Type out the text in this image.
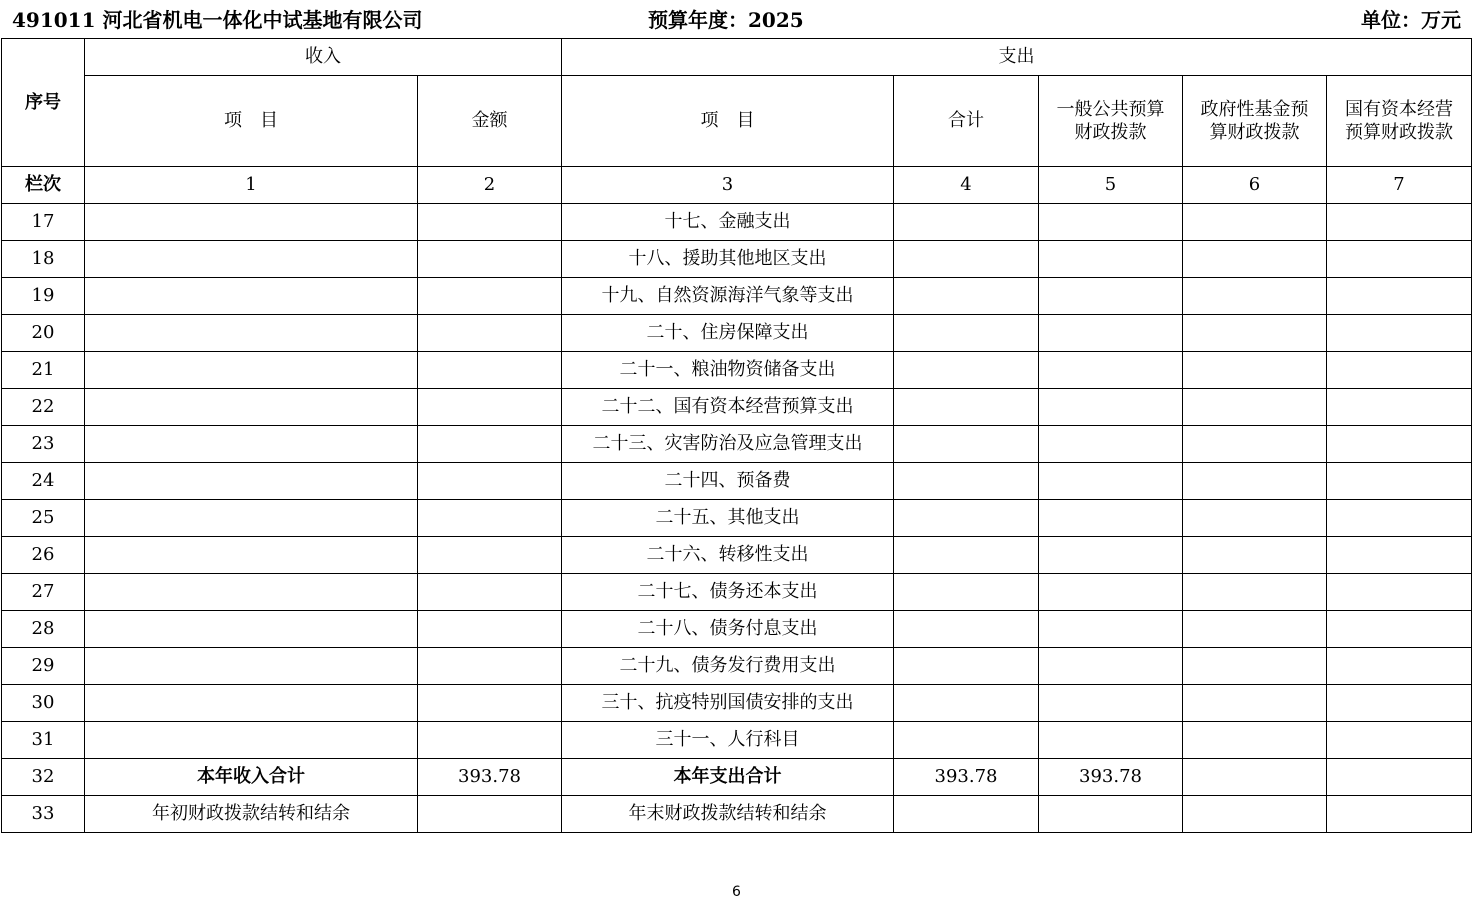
491011 河北省机电一体化中试基地有限公司	预算年度：2025	单位：万元
序号	收入		支出				
	项　目	金额	项　目	合计	一般公共预算财政拨款	政府性基金预算财政拨款	国有资本经营预算财政拨款
栏次	1	2	3	4	5	6	7
17			十七、金融支出				
18			十八、援助其他地区支出				
19			十九、自然资源海洋气象等支出				
20			二十、住房保障支出				
21			二十一、粮油物资储备支出				
22			二十二、国有资本经营预算支出				
23			二十三、灾害防治及应急管理支出				
24			二十四、预备费				
25			二十五、其他支出				
26			二十六、转移性支出				
27			二十七、债务还本支出				
28			二十八、债务付息支出				
29			二十九、债务发行费用支出				
30			三十、抗疫特别国债安排的支出				
31			三十一、人行科目				
32	本年收入合计	393.78	本年支出合计	393.78	393.78		
33	年初财政拨款结转和结余		年末财政拨款结转和结余				
6
